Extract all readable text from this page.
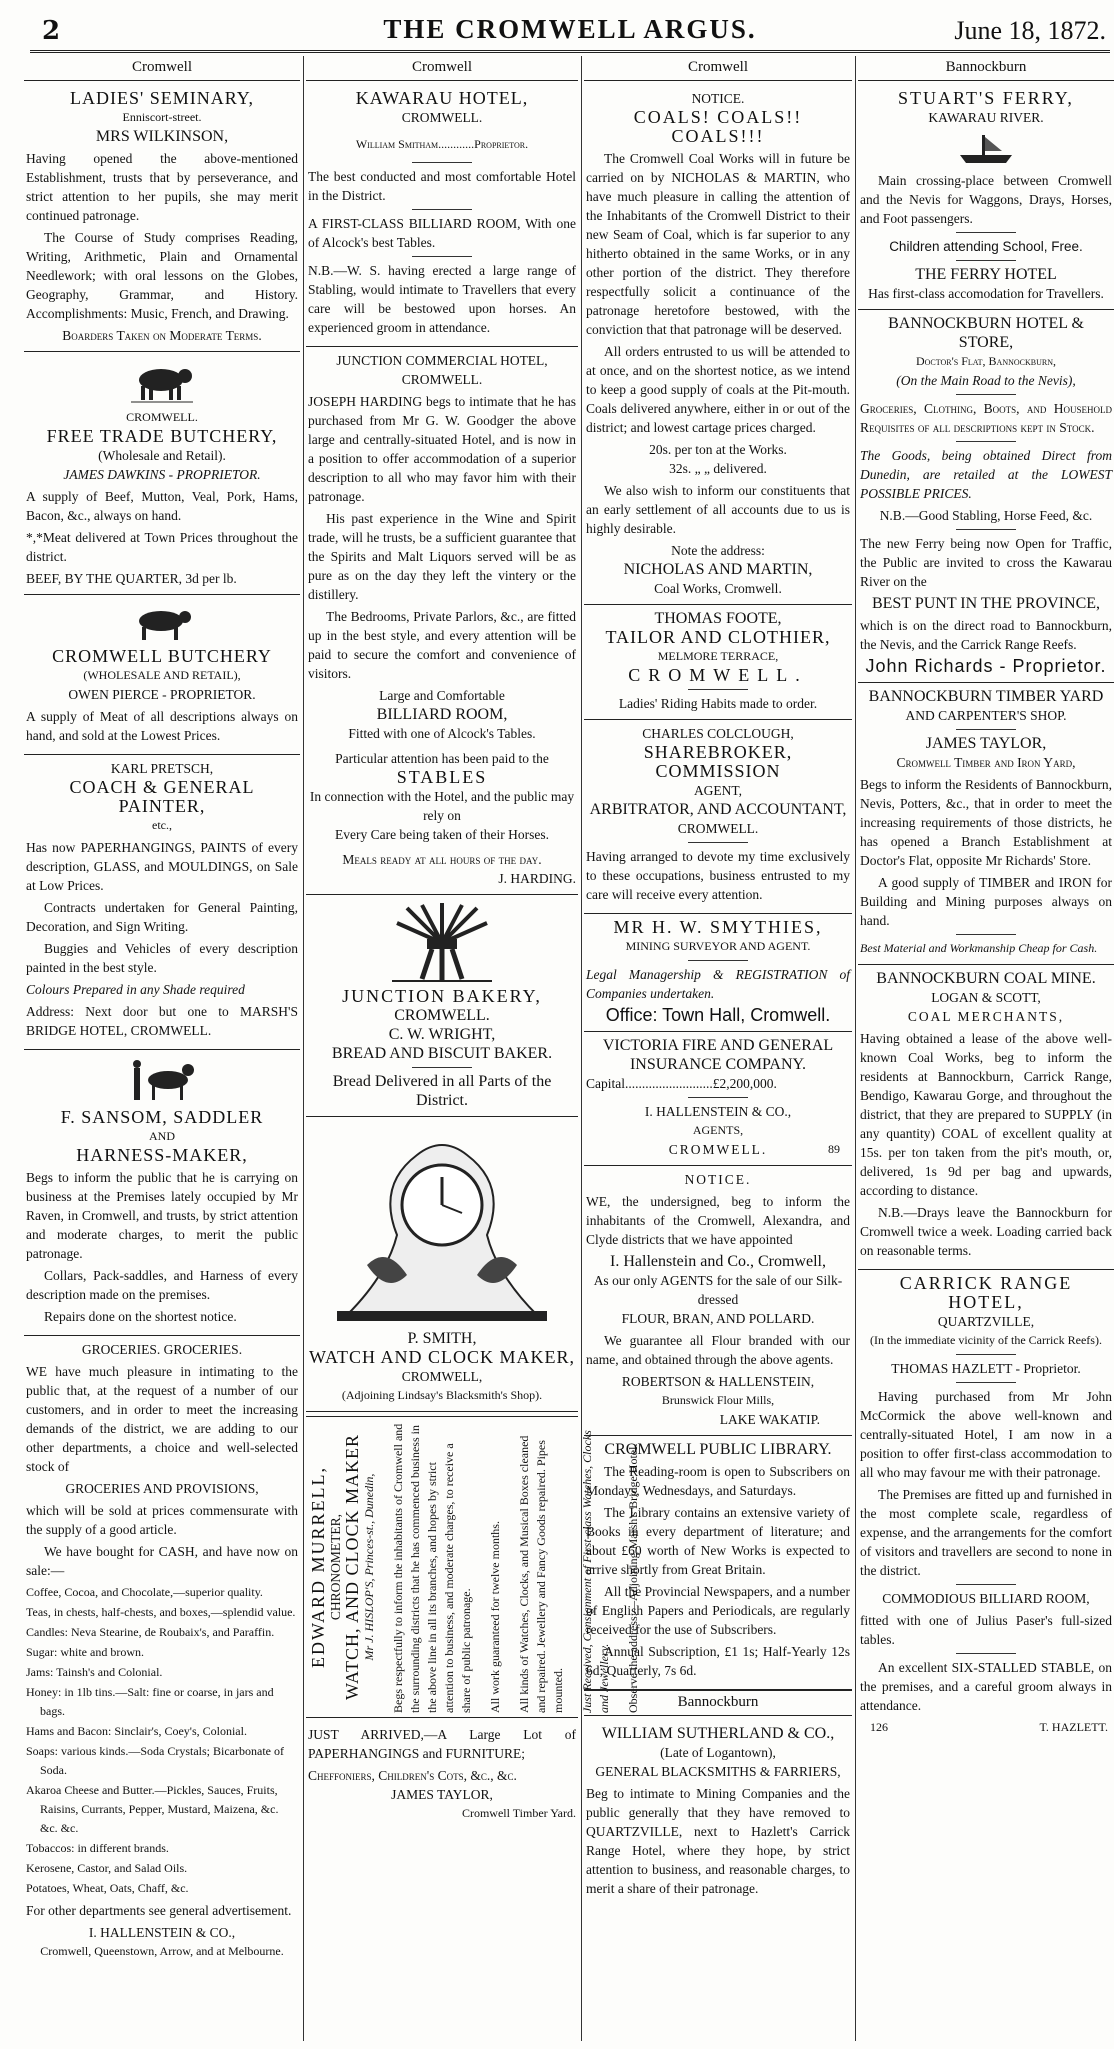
2	THE CROMWELL ARGUS.	June 18, 1872.
Cromwell
LADIES' SEMINARY,
Enniscort-street.
MRS WILKINSON,

Having opened the above-mentioned Establishment, trusts that by perseverance, and strict attention to her pupils, she may merit continued patronage.

The Course of Study comprises Reading, Writing, Arithmetic, Plain and Ornamental Needlework; with oral lessons on the Globes, Geography, Grammar, and History. Accomplishments: Music, French, and Drawing.

Boarders Taken on Moderate Terms.
CROMWELL.
FREE TRADE BUTCHERY,
(Wholesale and Retail).
JAMES DAWKINS - PROPRIETOR.

A supply of Beef, Mutton, Veal, Pork, Hams, Bacon, &c., always on hand.

*,*Meat delivered at Town Prices throughout the district.

BEEF, BY THE QUARTER, 3d per lb.
CROMWELL BUTCHERY
(WHOLESALE AND RETAIL),
OWEN PIERCE - PROPRIETOR.

A supply of Meat of all descriptions always on hand, and sold at the Lowest Prices.

KARL PRETSCH,
COACH & GENERAL PAINTER,
etc.,

Has now PAPERHANGINGS, PAINTS of every description, GLASS, and MOULDINGS, on Sale at Low Prices.

Contracts undertaken for General Painting, Decoration, and Sign Writing.

Buggies and Vehicles of every description painted in the best style.

Colours Prepared in any Shade required

Address: Next door but one to MARSH'S BRIDGE HOTEL, CROMWELL.

F. SANSOM, SADDLER
AND
HARNESS-MAKER,

Begs to inform the public that he is carrying on business at the Premises lately occupied by Mr Raven, in Cromwell, and trusts, by strict attention and moderate charges, to merit the public patronage.

Collars, Pack-saddles, and Harness of every description made on the premises.

Repairs done on the shortest notice.

GROCERIES. GROCERIES.

WE have much pleasure in intimating to the public that, at the request of a number of our customers, and in order to meet the increasing demands of the district, we are adding to our other departments, a choice and well-selected stock of

GROCERIES AND PROVISIONS,

which will be sold at prices commensurate with the supply of a good article.

We have bought for CASH, and have now on sale:—

Coffee, Cocoa, and Chocolate,—superior quality.

Teas, in chests, half-chests, and boxes,—splendid value.

Candles: Neva Stearine, de Roubaix's, and Paraffin.

Sugar: white and brown.

Jams: Tainsh's and Colonial.

Honey: in 1lb tins.—Salt: fine or coarse, in jars and bags.

Hams and Bacon: Sinclair's, Coey's, Colonial.

Soaps: various kinds.—Soda Crystals; Bicarbonate of Soda.

Akaroa Cheese and Butter.—Pickles, Sauces, Fruits, Raisins, Currants, Pepper, Mustard, Maizena, &c. &c. &c.

Tobaccos: in different brands.

Kerosene, Castor, and Salad Oils.

Potatoes, Wheat, Oats, Chaff, &c.

For other departments see general advertisement.

I. HALLENSTEIN & CO.,
Cromwell, Queenstown, Arrow, and at Melbourne.
Cromwell
KAWARAU HOTEL,
CROMWELL.
William Smitham............Proprietor.

The best conducted and most comfortable Hotel in the District.

A FIRST-CLASS BILLIARD ROOM, With one of Alcock's best Tables.

N.B.—W. S. having erected a large range of Stabling, would intimate to Travellers that every care will be bestowed upon horses. An experienced groom in attendance.

JUNCTION COMMERCIAL HOTEL,
CROMWELL.

JOSEPH HARDING begs to intimate that he has purchased from Mr G. W. Goodger the above large and centrally-situated Hotel, and is now in a position to offer accommodation of a superior description to all who may favor him with their patronage.

His past experience in the Wine and Spirit trade, will he trusts, be a sufficient guarantee that the Spirits and Malt Liquors served will be as pure as on the day they left the vintery or the distillery.

The Bedrooms, Private Parlors, &c., are fitted up in the best style, and every attention will be paid to secure the comfort and convenience of visitors.

Large and Comfortable
BILLIARD ROOM,
Fitted with one of Alcock's Tables.
Particular attention has been paid to the
STABLES
In connection with the Hotel, and the public may rely on
Every Care being taken of their Horses.
Meals ready at all hours of the day.
J. HARDING.
JUNCTION BAKERY,
CROMWELL.
C. W. WRIGHT,
BREAD AND BISCUIT BAKER.
Bread Delivered in all Parts of the District.
P. SMITH,
WATCH AND CLOCK MAKER,
CROMWELL,
(Adjoining Lindsay's Blacksmith's Shop).
EDWARD MURRELL, CHRONOMETER, WATCH, AND CLOCK MAKER Mr J. HISLOP'S, Princes-st., Dunedin, Begs respectfully to inform the inhabitants of Cromwell and the surrounding districts that he has commenced business in the above line in all its branches, and hopes by strict attention to business, and moderate charges, to receive a share of public patronage. All work guaranteed for twelve months. All kinds of Watches, Clocks, and Musical Boxes cleaned and repaired. Jewellery and Fancy Goods repaired. Pipes mounted. Just Received, Consignment of First-class Watches, Clocks and Jewellery. Observe the address:—Adjoining Marsh's Bridge Hotel.

JUST ARRIVED,—A Large Lot of PAPERHANGINGS and FURNITURE;

Cheffoniers, Children's Cots, &c., &c.
JAMES TAYLOR,
Cromwell Timber Yard.
Cromwell
NOTICE.
COALS! COALS!! COALS!!!

The Cromwell Coal Works will in future be carried on by NICHOLAS & MARTIN, who have much pleasure in calling the attention of the Inhabitants of the Cromwell District to their new Seam of Coal, which is far superior to any hitherto obtained in the same Works, or in any other portion of the district. They therefore respectfully solicit a continuance of the patronage heretofore bestowed, with the conviction that that patronage will be deserved.

All orders entrusted to us will be attended to at once, and on the shortest notice, as we intend to keep a good supply of coals at the Pit-mouth. Coals delivered anywhere, either in or out of the district; and lowest cartage prices charged.

20s. per ton at the Works.
32s. „ „ delivered.

We also wish to inform our constituents that an early settlement of all accounts due to us is highly desirable.

Note the address:
NICHOLAS AND MARTIN,
Coal Works, Cromwell.
THOMAS FOOTE,
TAILOR AND CLOTHIER,
MELMORE TERRACE,
CROMWELL.
Ladies' Riding Habits made to order.
CHARLES COLCLOUGH,
SHAREBROKER, COMMISSION
AGENT,
ARBITRATOR, AND ACCOUNTANT,
CROMWELL.

Having arranged to devote my time exclusively to these occupations, business entrusted to my care will receive every attention.

MR H. W. SMYTHIES,
MINING SURVEYOR AND AGENT.

Legal Managership & REGISTRATION of Companies undertaken.

Office: Town Hall, Cromwell.
VICTORIA FIRE AND GENERAL INSURANCE COMPANY.
Capital..........................£2,200,000.
I. HALLENSTEIN & CO.,
AGENTS,
CROMWELL.	89
NOTICE.

WE, the undersigned, beg to inform the inhabitants of the Cromwell, Alexandra, and Clyde districts that we have appointed

I. Hallenstein and Co., Cromwell,
As our only AGENTS for the sale of our Silk-dressed
FLOUR, BRAN, AND POLLARD.

We guarantee all Flour branded with our name, and obtained through the above agents.

ROBERTSON & HALLENSTEIN,
Brunswick Flour Mills,
LAKE WAKATIP.
CROMWELL PUBLIC LIBRARY.

The Reading-room is open to Subscribers on Mondays, Wednesdays, and Saturdays.

The Library contains an extensive variety of Books in every department of literature; and about £60 worth of New Works is expected to arrive shortly from Great Britain.

All the Provincial Newspapers, and a number of English Papers and Periodicals, are regularly received for the use of Subscribers.

Annual Subscription, £1 1s; Half-Yearly 12s 6d; Quarterly, 7s 6d.

Bannockburn
WILLIAM SUTHERLAND & CO.,
(Late of Logantown),
GENERAL BLACKSMITHS & FARRIERS,

Beg to intimate to Mining Companies and the public generally that they have removed to QUARTZVILLE, next to Hazlett's Carrick Range Hotel, where they hope, by strict attention to business, and reasonable charges, to merit a share of their patronage.

Bannockburn
STUART'S FERRY,
KAWARAU RIVER.

Main crossing-place between Cromwell and the Nevis for Waggons, Drays, Horses, and Foot passengers.

Children attending School, Free.
THE FERRY HOTEL
Has first-class accomodation for Travellers.
BANNOCKBURN HOTEL & STORE,
Doctor's Flat, Bannockburn,
(On the Main Road to the Nevis),

Groceries, Clothing, Boots, and Household Requisites of all descriptions kept in Stock.

The Goods, being obtained Direct from Dunedin, are retailed at the LOWEST POSSIBLE PRICES.

N.B.—Good Stabling, Horse Feed, &c.

The new Ferry being now Open for Traffic, the Public are invited to cross the Kawarau River on the

BEST PUNT IN THE PROVINCE,

which is on the direct road to Bannockburn, the Nevis, and the Carrick Range Reefs.

John Richards - Proprietor.
BANNOCKBURN TIMBER YARD
AND CARPENTER'S SHOP.
JAMES TAYLOR,
Cromwell Timber and Iron Yard,

Begs to inform the Residents of Bannockburn, Nevis, Potters, &c., that in order to meet the increasing requirements of those districts, he has opened a Branch Establishment at Doctor's Flat, opposite Mr Richards' Store.

A good supply of TIMBER and IRON for Building and Mining purposes always on hand.

Best Material and Workmanship Cheap for Cash.
BANNOCKBURN COAL MINE.
LOGAN & SCOTT,
COAL MERCHANTS,

Having obtained a lease of the above well-known Coal Works, beg to inform the residents at Bannockburn, Carrick Range, Bendigo, Kawarau Gorge, and throughout the district, that they are prepared to SUPPLY (in any quantity) COAL of excellent quality at 15s. per ton taken from the pit's mouth, or, delivered, 1s 9d per bag and upwards, according to distance.

N.B.—Drays leave the Bannockburn for Cromwell twice a week. Loading carried back on reasonable terms.

CARRICK RANGE HOTEL,
QUARTZVILLE,
(In the immediate vicinity of the Carrick Reefs).
THOMAS HAZLETT - Proprietor.

Having purchased from Mr John McCormick the above well-known and centrally-situated Hotel, I am now in a position to offer first-class accommodation to all who may favour me with their patronage.

The Premises are fitted up and furnished in the most complete scale, regardless of expense, and the arrangements for the comfort of visitors and travellers are second to none in the district.

COMMODIOUS BILLIARD ROOM,

fitted with one of Julius Paser's full-sized tables.

An excellent SIX-STALLED STABLE, on the premises, and a careful groom always in attendance.

126	T. HAZLETT.
